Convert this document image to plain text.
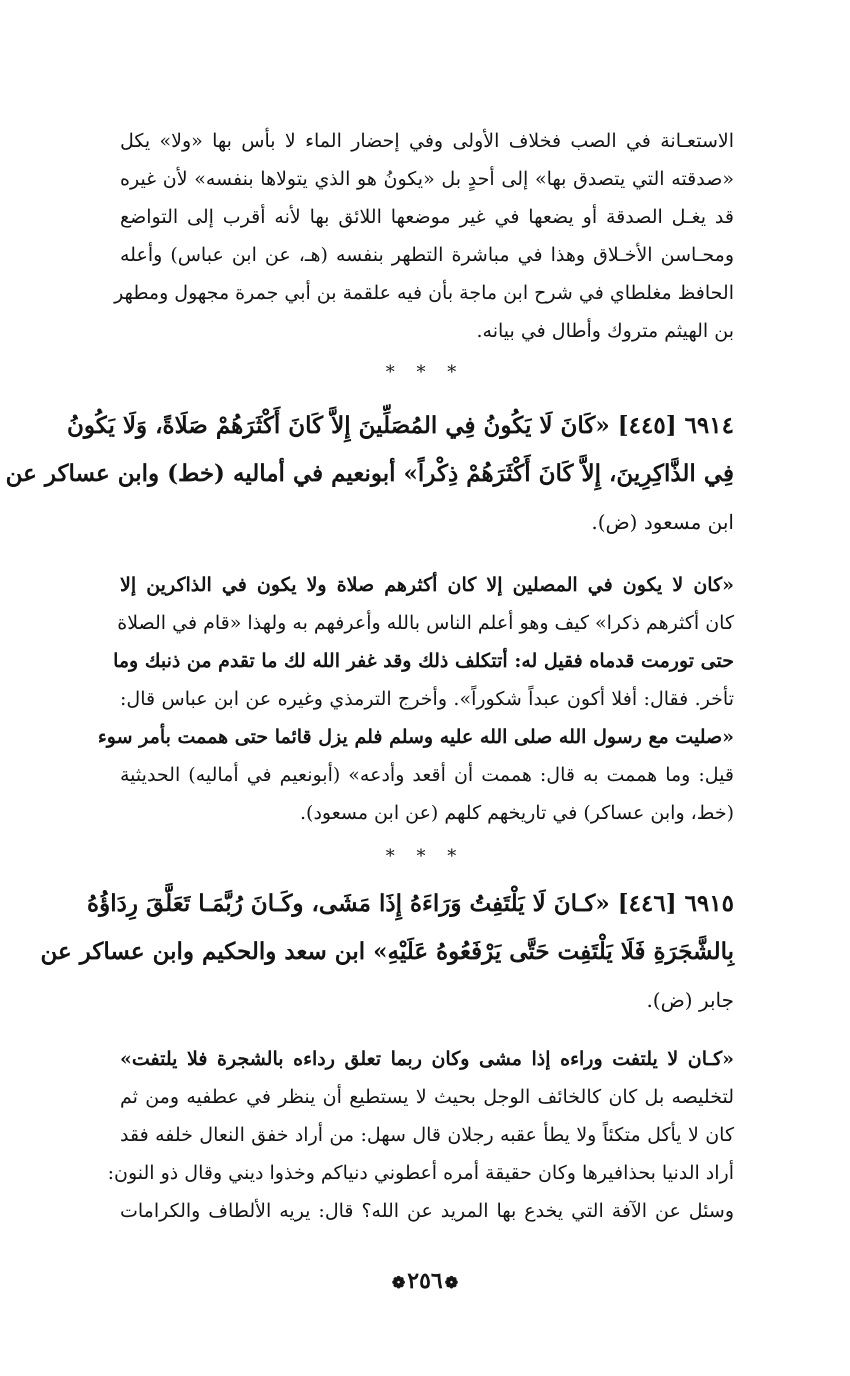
الاستعـانة في الصب فخلاف الأولى وفي إحضار الماء لا بأس بها «ولا» يكل
«صدقته التي يتصدق بها» إلى أحدٍ بل «يكونُ هو الذي يتولاها بنفسه» لأن غيره
قد يغـل الصدقة أو يضعها في غير موضعها اللائق بها لأنه أقرب إلى التواضع
ومحـاسن الأخـلاق وهذا في مباشرة التطهر بنفسه (هـ، عن ابن عباس) وأعله
الحافظ مغلطاي في شرح ابن ماجة بأن فيه علقمة بن أبي جمرة مجهول ومطهر
بن الهيثم متروك وأطال في بيانه.
* * *
٦٩١٤ [٤٤٥] «كَانَ لَا يَكُونُ فِي المُصَلِّينَ إِلاَّ كَانَ أَكْثَرَهُمْ صَلَاةً، وَلَا يَكُونُ
فِي الذَّاكِرِينَ، إِلاَّ كَانَ أَكْثَرَهُمْ ذِكْراً» أبونعيم في أماليه (خط) وابن عساكر عن
ابن مسعود (ض).
«كان لا يكون في المصلين إلا كان أكثرهم صلاة ولا يكون في الذاكرين إلا
كان أكثرهم ذكرا» كيف وهو أعلم الناس بالله وأعرفهم به ولهذا «قام في الصلاة
حتى تورمت قدماه فقيل له: أتتكلف ذلك وقد غفر الله لك ما تقدم من ذنبك وما
تأخر. فقال: أفلا أكون عبداً شكوراً». وأخرج الترمذي وغيره عن ابن عباس قال:
«صليت مع رسول الله صلى الله عليه وسلم فلم يزل قائما حتى هممت بأمر سوء
قيل: وما هممت به قال: هممت أن أقعد وأدعه» (أبونعيم في أماليه) الحديثية
(خط، وابن عساكر) في تاريخهم كلهم (عن ابن مسعود).
* * *
٦٩١٥ [٤٤٦] «كـانَ لَا يَلْتَفِتُ وَرَاءَهُ إِذَا مَشَى، وكَـانَ رُبَّمَـا تَعَلَّقَ رِدَاؤُهُ
بِالشَّجَرَةِ فَلَا يَلْتَفِت حَتَّى يَرْفَعُوهُ عَلَيْهِ» ابن سعد والحكيم وابن عساكر عن
جابر (ض).
«كـان لا يلتفت وراءه إذا مشى وكان ربما تعلق رداءه بالشجرة فلا يلتفت»
لتخليصه بل كان كالخائف الوجل بحيث لا يستطيع أن ينظر في عطفيه ومن ثم
كان لا يأكل متكئاً ولا يطأ عقبه رجلان قال سهل: من أراد خفق النعال خلفه فقد
أراد الدنيا بحذافيرها وكان حقيقة أمره أعطوني دنياكم وخذوا ديني وقال ذو النون:
وسئل عن الآفة التي يخدع بها المريد عن الله؟ قال: يريه الألطاف والكرامات
❁٢٥٦❁
